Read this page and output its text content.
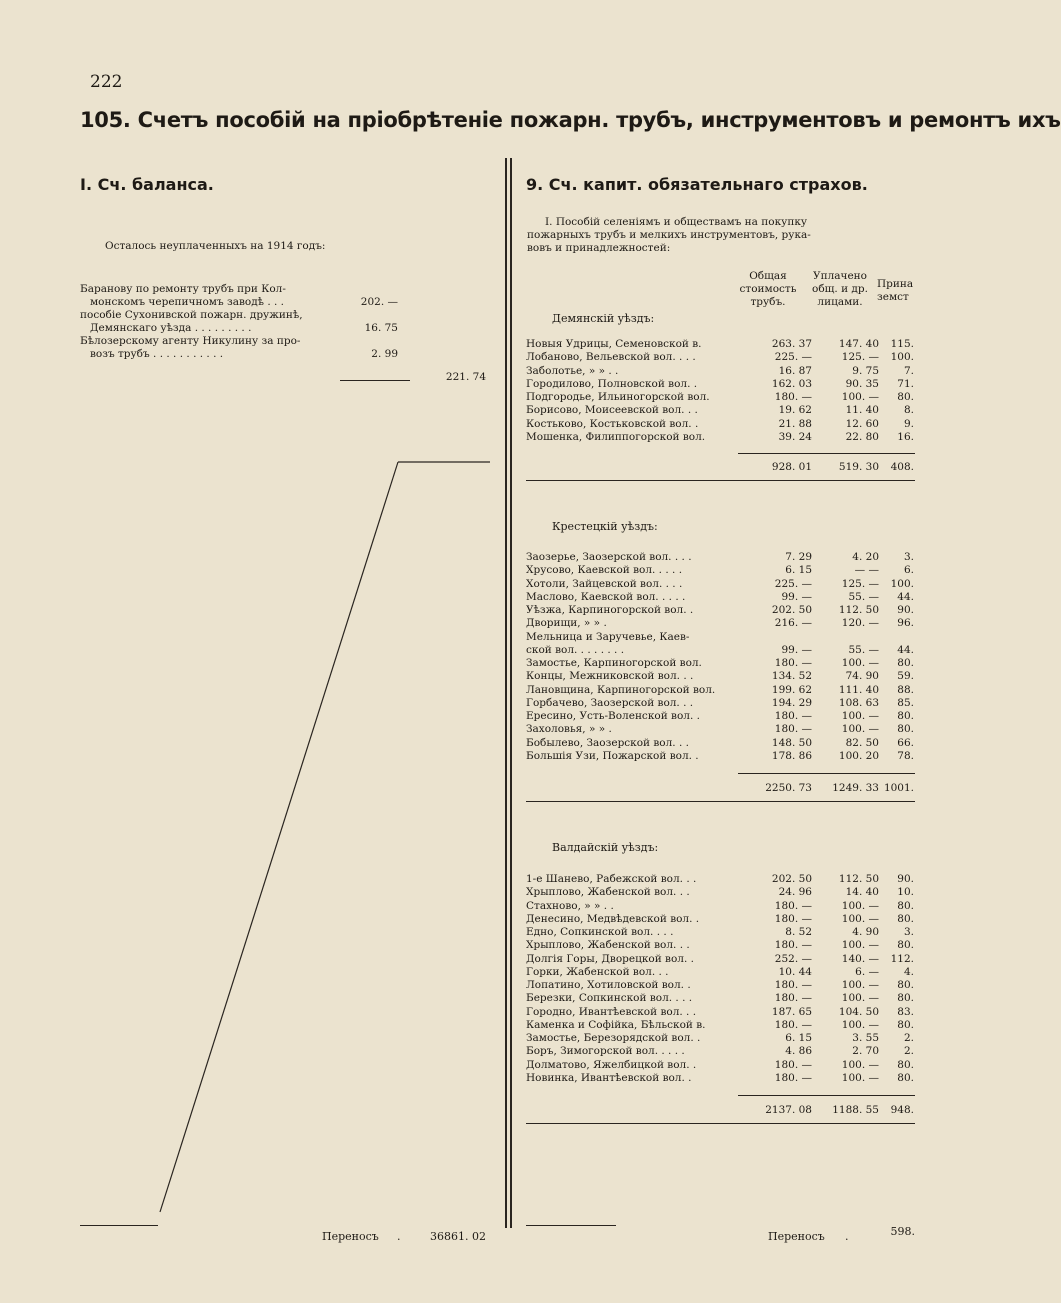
222
105. Счетъ пособій на пріобрѣтеніе пожарн. трубъ, инструментовъ и ремонтъ ихъ
I. Сч. баланса.
Осталось неуплаченныхъ на 1914 годъ:
Баранову по ремонту трубъ при Кол-
монскомъ черепичномъ заводѣ . . .	202. —
пособіе Сухонивской пожарн. дружинѣ,
Демянскаго уѣзда . . . . . . . . .	16. 75
Бѣлозерскому агенту Никулину за про-
возъ трубъ . . . . . . . . . . .	2. 99
221. 74
Переносъ .	36861. 02
9. Сч. капит. обязательнаго страхов.
I. Пособій селеніямъ и обществамъ на покупку
пожарныхъ трубъ и мелкихъ инструментовъ, рука-
вовъ и принадлежностей:
Общая
стоимость
трубъ.
Уплачено
общ. и др.
лицами.
Прина
земст
Демянскій уѣздъ:
Новыя Удрицы, Семеновской в.	263. 37	147. 40	115.
Лобаново, Вельевской вол. . . .	225. —	125. —	100.
Заболотье, » » . .	16. 87	9. 75	7.
Городилово, Полновской вол. .	162. 03	90. 35	71.
Подгородье, Ильиногорской вол.	180. —	100. —	80.
Борисово, Моисеевской вол. . .	19. 62	11. 40	8.
Костьково, Костьковской вол. .	21. 88	12. 60	9.
Мошенка, Филиппогорской вол.	39. 24	22. 80	16.
928. 01	519. 30	408.
Крестецкій уѣздъ:
Заозерье, Заозерской вол. . . .	7. 29	4. 20	3.
Хрусово, Каевской вол. . . . .	6. 15	— —	6.
Хотоли, Зайцевской вол. . . .	225. —	125. —	100.
Маслово, Каевской вол. . . . .	99. —	55. —	44.
Уѣзжа, Карпиногорской вол. .	202. 50	112. 50	90.
Дворищи, » » .	216. —	120. —	96.
Мельница и Заручевье, Каев-
ской вол. . . . . . . .	99. —	55. —	44.
Замостье, Карпиногорской вол.	180. —	100. —	80.
Концы, Межниковской вол. . .	134. 52	74. 90	59.
Лановщина, Карпиногорской вол.	199. 62	111. 40	88.
Горбачево, Заозерской вол. . .	194. 29	108. 63	85.
Ересино, Усть-Воленской вол. .	180. —	100. —	80.
Захоловья, » » .	180. —	100. —	80.
Бобылево, Заозерской вол. . .	148. 50	82. 50	66.
Большія Узи, Пожарской вол. .	178. 86	100. 20	78.
2250. 73	1249. 33 1001.
Валдайскій уѣздъ:
1-е Шанево, Рабежской вол. . .	202. 50	112. 50	90.
Хрыплово, Жабенской вол. . .	24. 96	14. 40	10.
Стахново, » » . .	180. —	100. —	80.
Денесино, Медвѣдевской вол. .	180. —	100. —	80.
Едно, Сопкинской вол. . . .	8. 52	4. 90	3.
Хрыплово, Жабенской вол. . .	180. —	100. —	80.
Долгія Горы, Дворецкой вол. .	252. —	140. —	112.
Горки, Жабенской вол. . .	10. 44	6. —	4.
Лопатино, Хотиловской вол. .	180. —	100. —	80.
Березки, Сопкинской вол. . . .	180. —	100. —	80.
Городно, Ивантѣевской вол. . .	187. 65	104. 50	83.
Каменка и Софійка, Бѣльской в.	180. —	100. —	80.
Замостье, Березорядской вол. .	6. 15	3. 55	2.
Боръ, Зимогорской вол. . . . .	4. 86	2. 70	2.
Долматово, Яжелбицкой вол. .	180. —	100. —	80.
Новинка, Ивантѣевской вол. .	180. —	100. —	80.
2137. 08	1188. 55	948.
Переносъ .	598.
